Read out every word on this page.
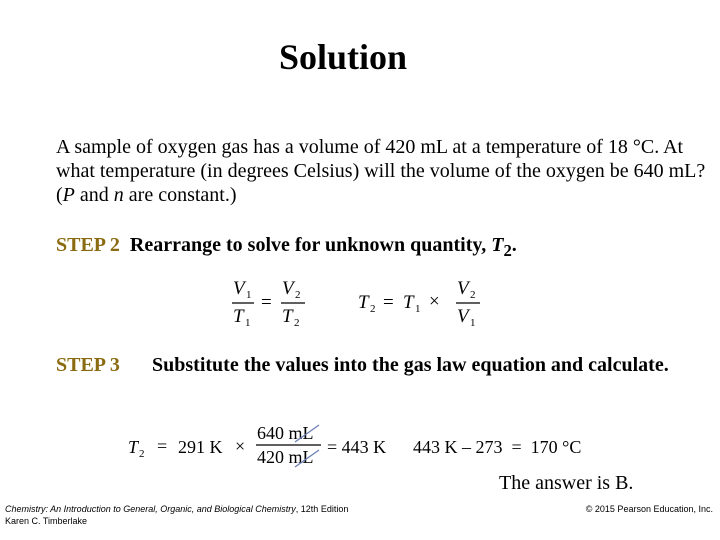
Solution
A sample of oxygen gas has a volume of 420 mL at a temperature of 18 °C. At what temperature (in degrees Celsius) will the volume of the oxygen be 640 mL? (P and n are constant.)
STEP 2 Rearrange to solve for unknown quantity, $T_2$.
V 1
T 1
=
V 2
T 2
T 2 = T 1 ×
V 2
V 1
STEP 3 Substitute the values into the gas law equation and calculate.
T 2 = 291 K ×
640 mL
420 mL = 443 K 443 K – 273  =  170 °C
The answer is B.
Chemistry: An Introduction to General, Organic, and Biological Chemistry, 12th Edition
Karen C. Timberlake
© 2015 Pearson Education, Inc.
